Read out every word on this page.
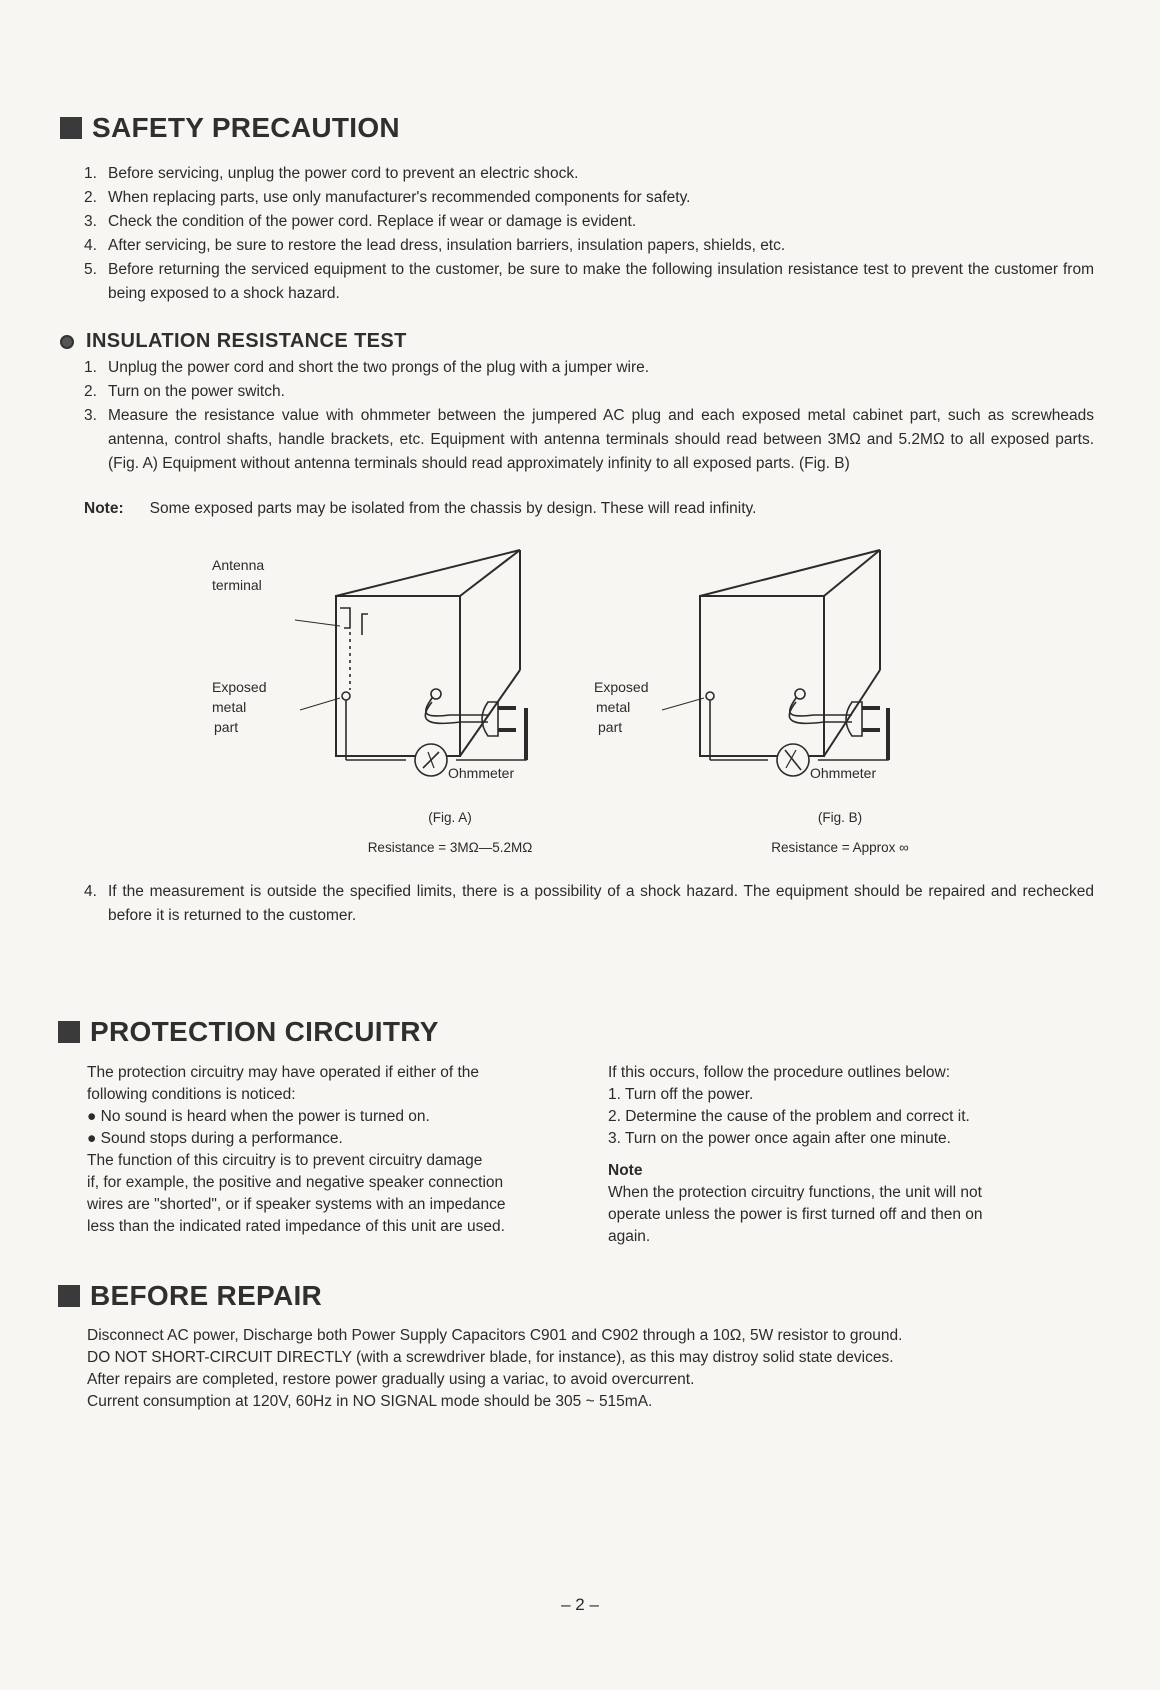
SAFETY PRECAUTION
1. Before servicing, unplug the power cord to prevent an electric shock.
2. When replacing parts, use only manufacturer's recommended components for safety.
3. Check the condition of the power cord. Replace if wear or damage is evident.
4. After servicing, be sure to restore the lead dress, insulation barriers, insulation papers, shields, etc.
5. Before returning the serviced equipment to the customer, be sure to make the following insulation resistance test to prevent the customer from being exposed to a shock hazard.
INSULATION RESISTANCE TEST
1. Unplug the power cord and short the two prongs of the plug with a jumper wire.
2. Turn on the power switch.
3. Measure the resistance value with ohmmeter between the jumpered AC plug and each exposed metal cabinet part, such as screwheads antenna, control shafts, handle brackets, etc. Equipment with antenna terminals should read between 3MΩ and 5.2MΩ to all exposed parts. (Fig. A) Equipment without antenna terminals should read approximately infinity to all exposed parts. (Fig. B)
Note: Some exposed parts may be isolated from the chassis by design. These will read infinity.
Antenna
terminal
Exposed
metal
part
Ohmmeter
(Fig. A)
Resistance = 3MΩ—5.2MΩ
Exposed
metal
part
Ohmmeter
(Fig. B)
Resistance = Approx ∞
4. If the measurement is outside the specified limits, there is a possibility of a shock hazard. The equipment should be repaired and rechecked before it is returned to the customer.
PROTECTION CIRCUITRY
The protection circuitry may have operated if either of the
following conditions is noticed:
● No sound is heard when the power is turned on.
● Sound stops during a performance.
The function of this circuitry is to prevent circuitry damage
if, for example, the positive and negative speaker connection
wires are "shorted", or if speaker systems with an impedance
less than the indicated rated impedance of this unit are used.
If this occurs, follow the procedure outlines below:
1. Turn off the power.
2. Determine the cause of the problem and correct it.
3. Turn on the power once again after one minute.
Note
When the protection circuitry functions, the unit will not
operate unless the power is first turned off and then on
again.
BEFORE REPAIR
Disconnect AC power, Discharge both Power Supply Capacitors C901 and C902 through a 10Ω, 5W resistor to ground.
DO NOT SHORT-CIRCUIT DIRECTLY (with a screwdriver blade, for instance), as this may distroy solid state devices.
After repairs are completed, restore power gradually using a variac, to avoid overcurrent.
Current consumption at 120V, 60Hz in NO SIGNAL mode should be 305 ~ 515mA.
– 2 –
